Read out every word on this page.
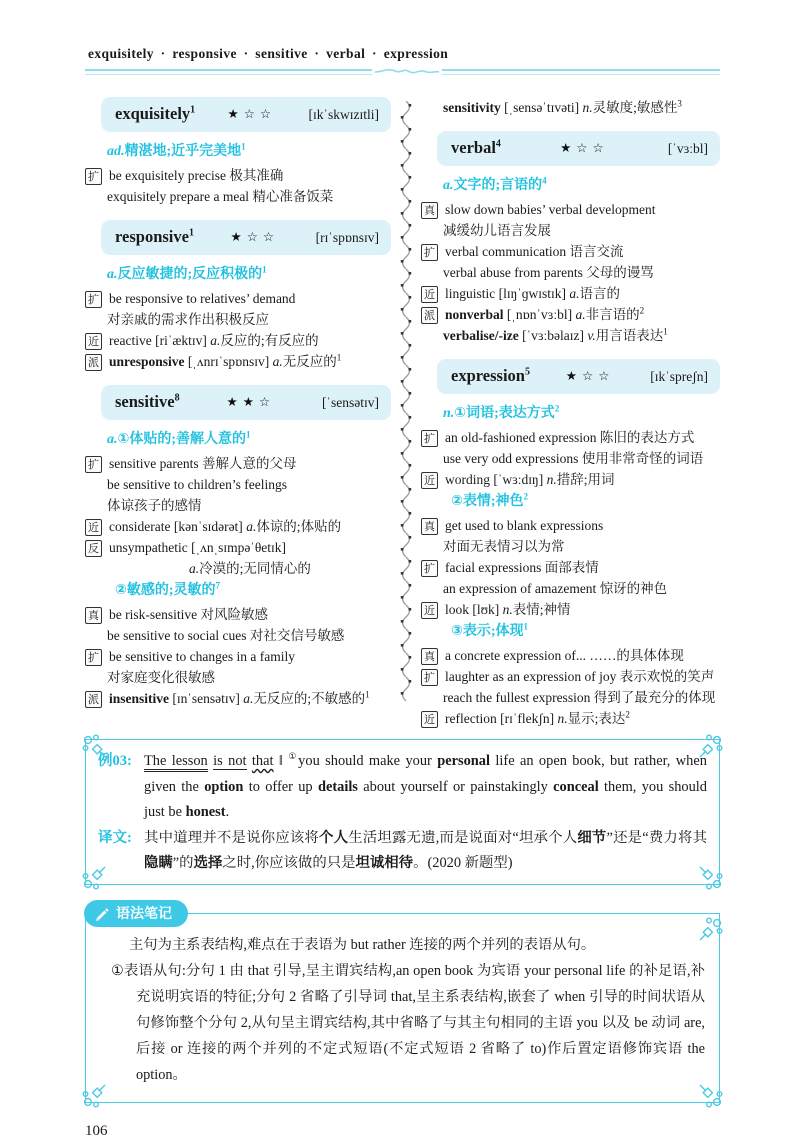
exquisitely · responsive · sensitive · verbal · expression
exquisitely$^1$	★☆☆ [ɪkˈskwɪzɪtli]
ad.精湛地;近乎完美地$^1$
扩 be exquisitely precise 极其准确
exquisitely prepare a meal 精心准备饭菜
responsive$^1$	★☆☆	[rɪˈspɒnsɪv]
a.反应敏捷的;反应积极的$^1$
扩 be responsive to relatives’ demand
对亲戚的需求作出积极反应
近 reactive [riˈæktɪv] a.反应的;有反应的
派 unresponsive [ˌʌnrɪˈspɒnsɪv] a.无反应的$^1$
sensitive$^8$	★★☆	[ˈsensətɪv]
a.①体贴的;善解人意的$^1$
扩 sensitive parents 善解人意的父母
be sensitive to children’s feelings
体谅孩子的感情
近 considerate [kənˈsɪdərət] a.体谅的;体贴的
反 unsympathetic [ˌʌnˌsɪmpəˈθetɪk]
a.冷漠的;无同情心的
②敏感的;灵敏的$^7$
真 be risk-sensitive 对风险敏感
be sensitive to social cues 对社交信号敏感
扩 be sensitive to changes in a family
对家庭变化很敏感
派 insensitive [ɪnˈsensətɪv] a.无反应的;不敏感的$^1$
sensitivity [ˌsensəˈtɪvəti] n.灵敏度;敏感性$^3$
verbal$^4$	★☆☆	[ˈvɜːbl]
a.文字的;言语的$^4$
真 slow down babies’ verbal development
减缓幼儿语言发展
扩 verbal communication 语言交流
verbal abuse from parents 父母的谩骂
近 linguistic [lɪŋˈɡwɪstɪk] a.语言的
派 nonverbal [ˌnɒnˈvɜːbl] a.非言语的$^2$
verbalise/-ize [ˈvɜːbəlaɪz] v.用言语表达$^1$
expression$^5$	★☆☆	[ɪkˈspreʃn]
n.①词语;表达方式$^2$
扩 an old-fashioned expression 陈旧的表达方式
use very odd expressions 使用非常奇怪的词语
近 wording [ˈwɜːdɪŋ] n.措辞;用词
②表情;神色$^2$
真 get used to blank expressions
对面无表情习以为常
扩 facial expressions 面部表情
an expression of amazement 惊讶的神色
近 look [lʊk] n.表情;神情
③表示;体现$^1$
真 a concrete expression of... ……的具体体现
扩 laughter as an expression of joy 表示欢悦的笑声
reach the fullest expression 得到了最充分的体现
近 reflection [rɪˈflekʃn] n.显示;表达$^2$
例03: The lesson is not that ‖ ①you should make your personal life an open book, but rather, when given the option to offer up details about yourself or painstakingly conceal them, you should just be honest.

译文: 其中道理并不是说你应该将个人生活坦露无遗,而是说面对“坦承个人细节”还是“费力将其隐瞒”的选择之时,你应该做的只是坦诚相待。(2020 新题型)

语法笔记

主句为主系表结构,难点在于表语为 but rather 连接的两个并列的表语从句。

①表语从句:分句 1 由 that 引导,呈主谓宾结构,an open book 为宾语 your personal life 的补足语,补充说明宾语的特征;分句 2 省略了引导词 that,呈主系表结构,嵌套了 when 引导的时间状语从句修饰整个分句 2,从句呈主谓宾结构,其中省略了与其主句相同的主语 you 以及 be 动词 are,后接 or 连接的两个并列的不定式短语(不定式短语 2 省略了 to)作后置定语修饰宾语 the option。

106
